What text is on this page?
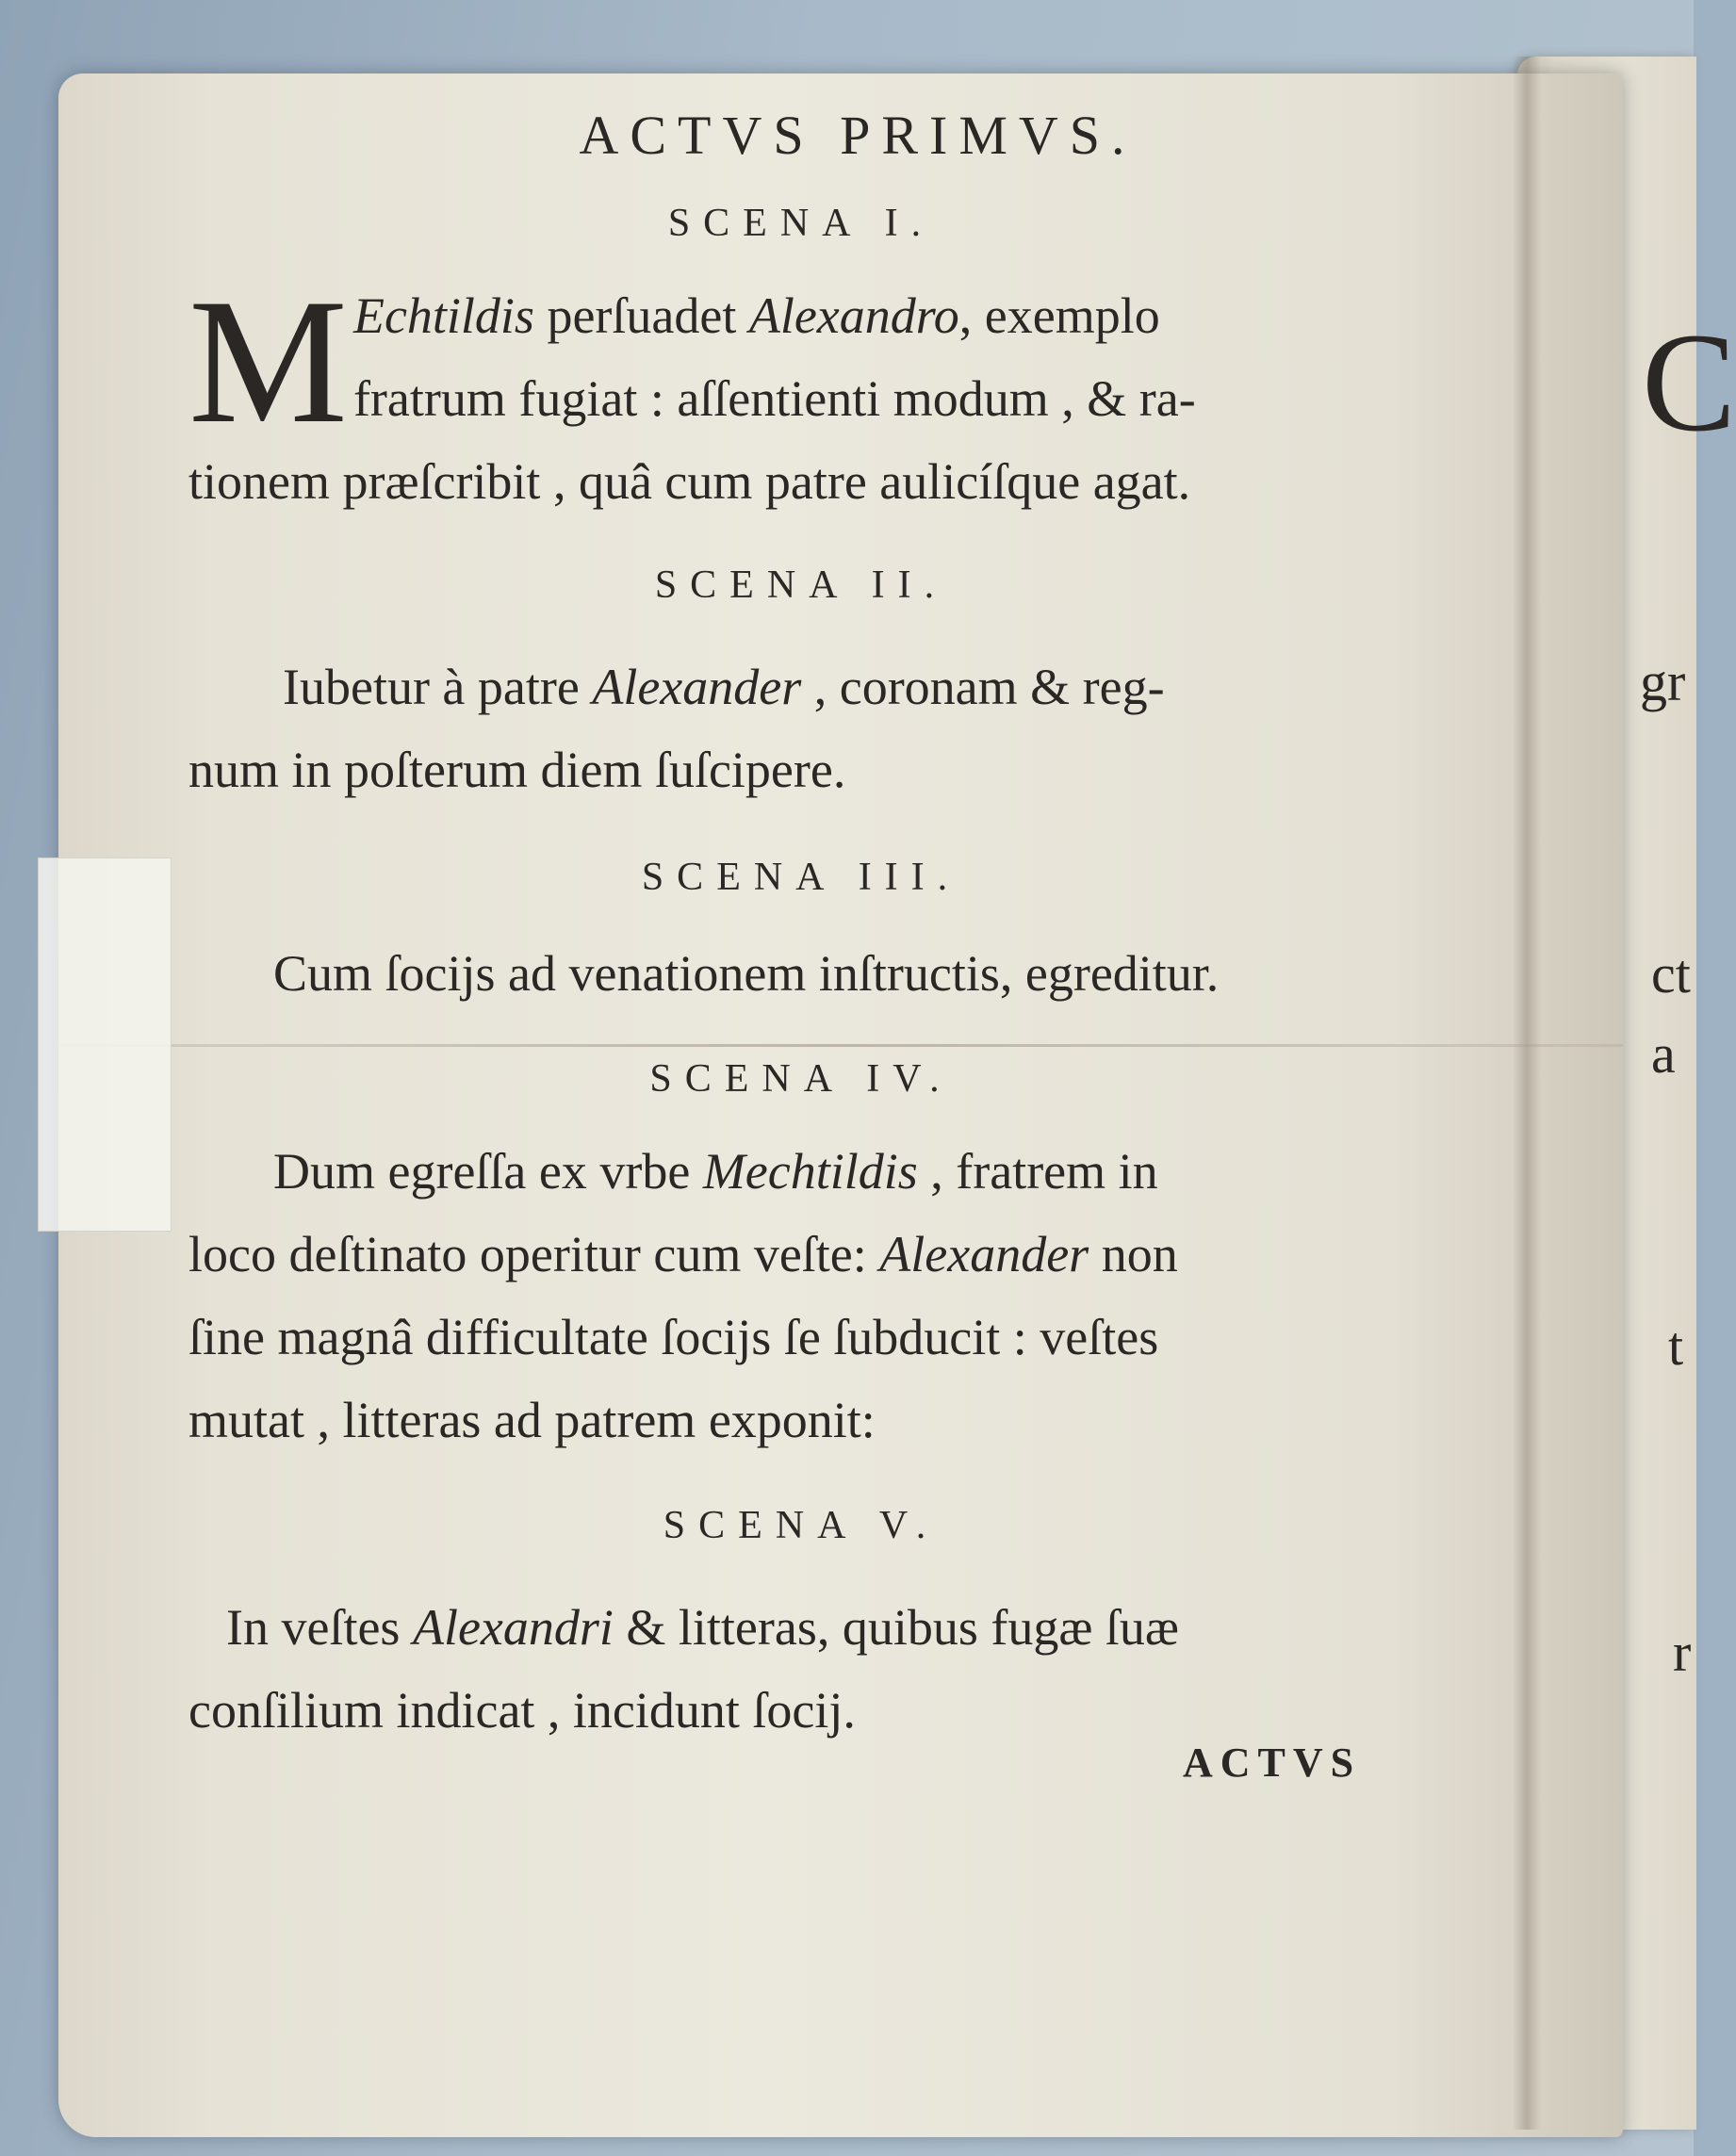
C
gr
ct
a
t
r
ACTVS PRIMVS.
SCENA I.
M Echtildis perſuadet Alexandro, exemplo
fratrum fugiat : aſſentienti modum , & ra-
tionem præſcribit , quâ cum patre aulicíſque agat.
SCENA II.
Iubetur à patre Alexander , coronam & reg-
num in poſterum diem ſuſcipere.
SCENA III.
Cum ſocijs ad venationem inſtructis, egreditur.
SCENA IV.
Dum egreſſa ex vrbe Mechtildis , fratrem in
loco deſtinato operitur cum veſte: Alexander non
ſine magnâ difficultate ſocijs ſe ſubducit : veſtes
mutat , litteras ad patrem exponit:
SCENA V.
In veſtes Alexandri & litteras, quibus fugæ ſuæ
conſilium indicat , incidunt ſocij.
ACTVS
